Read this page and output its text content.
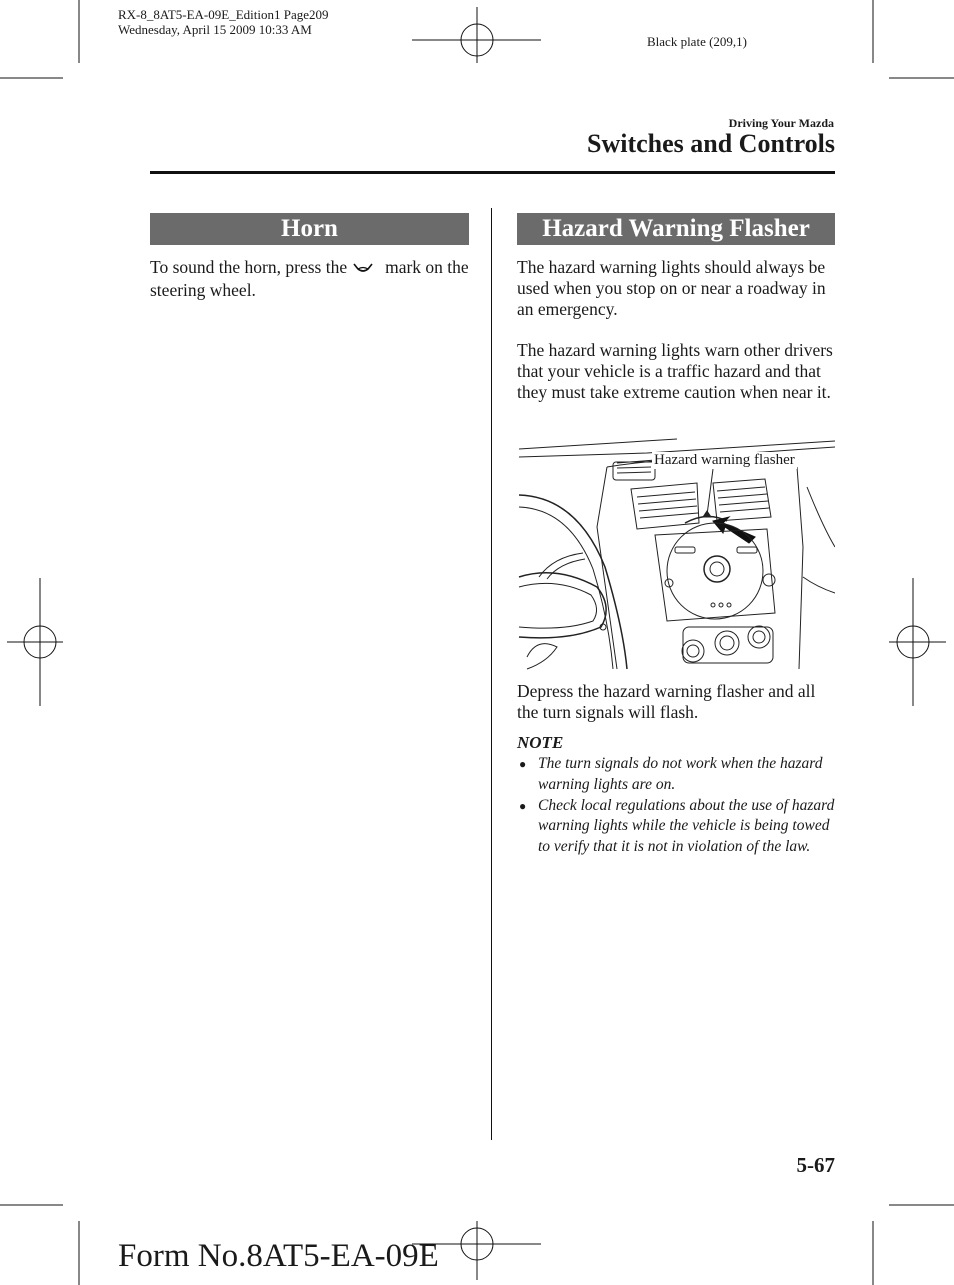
RX-8_8AT5-EA-09E_Edition1 Page209
Wednesday, April 15 2009 10:33 AM
Black plate (209,1)
Driving Your Mazda
Switches and Controls
Horn
To sound the horn, press the mark on the steering wheel.
Hazard Warning Flasher
The hazard warning lights should always be used when you stop on or near a roadway in an emergency.
The hazard warning lights warn other drivers that your vehicle is a traffic hazard and that they must take extreme caution when near it.
Hazard warning flasher
Depress the hazard warning flasher and all the turn signals will flash.
NOTE
● The turn signals do not work when the hazard warning lights are on.
● Check local regulations about the use of hazard warning lights while the vehicle is being towed to verify that it is not in violation of the law.
5-67
Form No.8AT5-EA-09E
